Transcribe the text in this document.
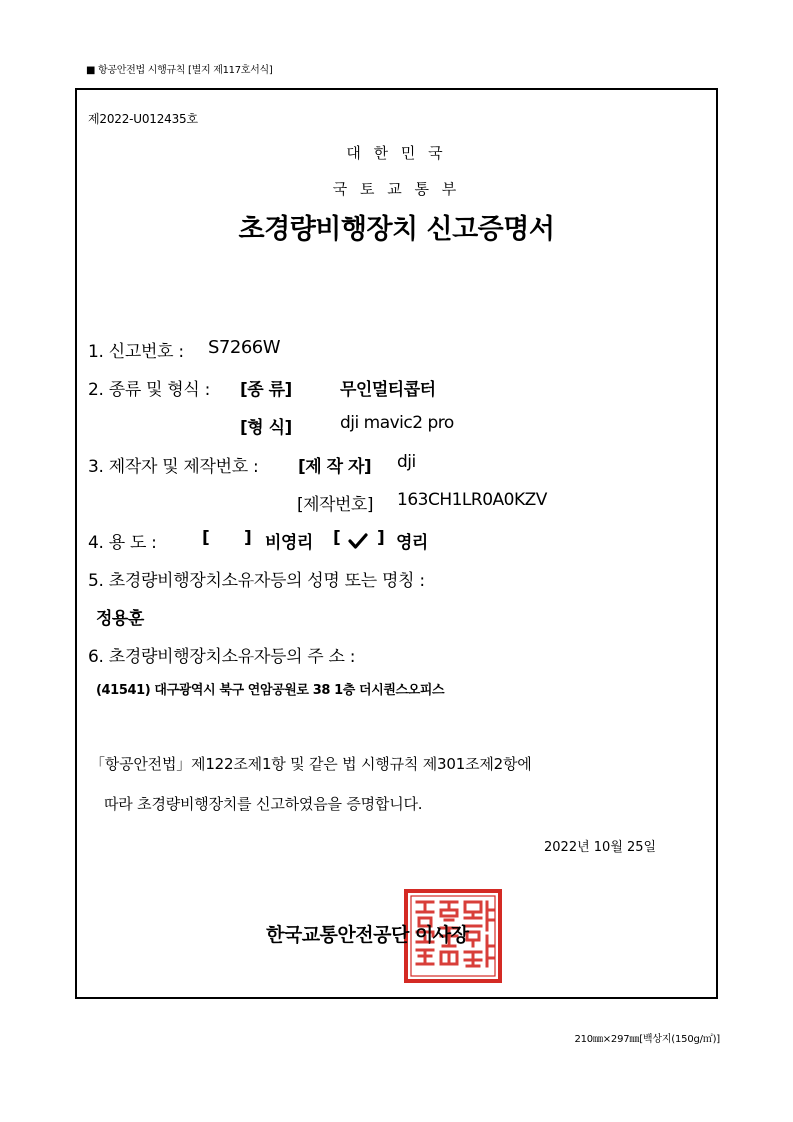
■ 항공안전법 시행규칙 [별지 제117호서식]
제2022-U012435호
대 한 민 국
국 토 교 통 부
초경량비행장치 신고증명서
1. 신고번호 : S7266W
2. 종류 및 형식 : [종 류]	무인멀티콥터
[형 식]	dji mavic2 pro
3. 제작자 및 제작번호 : [제 작 자] dji
[제작번호] 163CH1LR0A0KZV
4. 용 도 :	[ ] 비영리 [ ] 영리
5. 초경량비행장치소유자등의 성명 또는 명칭 :
정용훈
6. 초경량비행장치소유자등의 주 소 :
(41541) 대구광역시 북구 연암공원로 38 1층 더시퀀스오피스
「항공안전법」제122조제1항 및 같은 법 시행규칙 제301조제2항에
따라 초경량비행장치를 신고하였음을 증명합니다.
2022년 10월 25일
한국교통안전공단 이사장
210㎜×297㎜[백상지(150g/㎡)]
